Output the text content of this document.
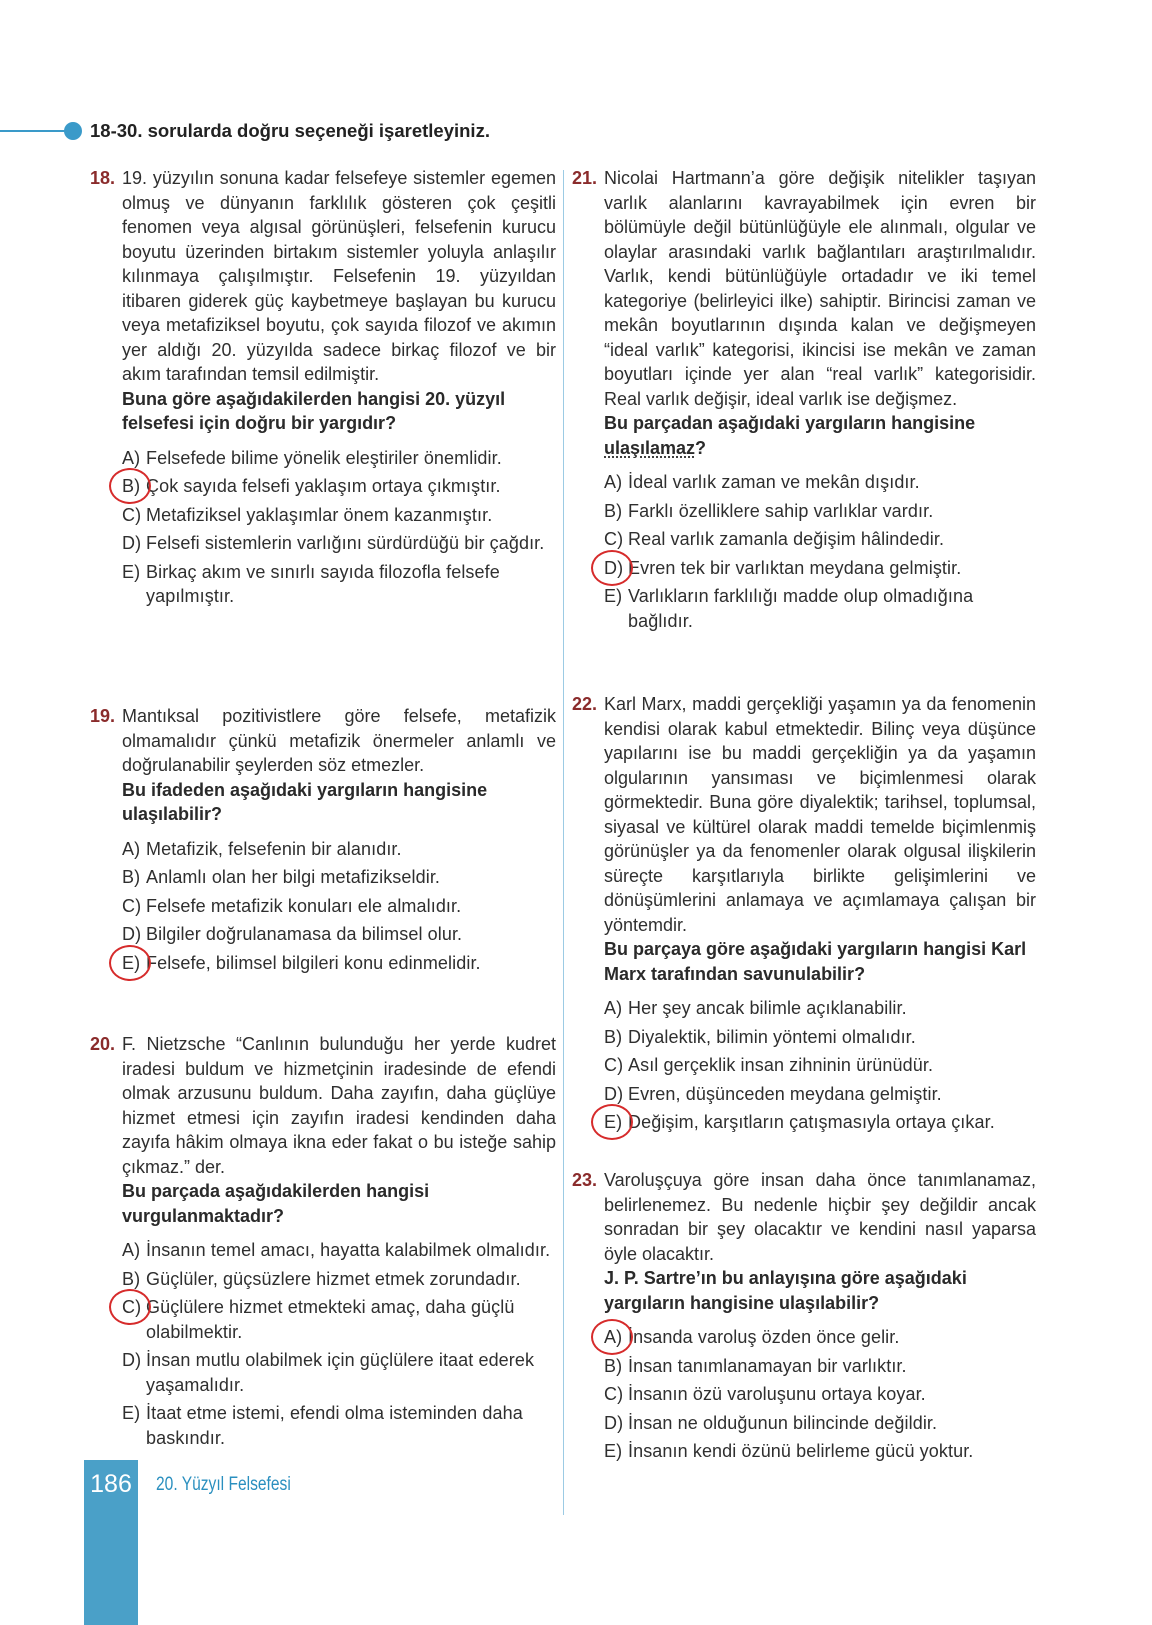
18-30. sorularda doğru seçeneği işaretleyiniz.
18. 19. yüzyılın sonuna kadar felsefeye sistemler egemen olmuş ve dünyanın farklılık gösteren çok çeşitli fenomen veya algısal görünüşleri, felsefenin kurucu boyutu üzerinden birtakım sistemler yoluyla anlaşılır kılınmaya çalışılmıştır. Felsefenin 19. yüzyıldan itibaren giderek güç kaybetmeye başlayan bu kurucu veya metafiziksel boyutu, çok sayıda filozof ve akımın yer aldığı 20. yüzyılda sadece birkaç filozof ve bir akım tarafından temsil edilmiştir.
Buna göre aşağıdakilerden hangisi 20. yüzyıl felsefesi için doğru bir yargıdır?
A) Felsefede bilime yönelik eleştiriler önemlidir.
B) Çok sayıda felsefi yaklaşım ortaya çıkmıştır.
C) Metafiziksel yaklaşımlar önem kazanmıştır.
D) Felsefi sistemlerin varlığını sürdürdüğü bir çağdır.
E) Birkaç akım ve sınırlı sayıda filozofla felsefe yapılmıştır.
19. Mantıksal pozitivistlere göre felsefe, metafizik olmamalıdır çünkü metafizik önermeler anlamlı ve doğrulanabilir şeylerden söz etmezler.
Bu ifadeden aşağıdaki yargıların hangisine ulaşılabilir?
A) Metafizik, felsefenin bir alanıdır.
B) Anlamlı olan her bilgi metafizikseldir.
C) Felsefe metafizik konuları ele almalıdır.
D) Bilgiler doğrulanamasa da bilimsel olur.
E) Felsefe, bilimsel bilgileri konu edinmelidir.
20. F. Nietzsche “Canlının bulunduğu her yerde kudret iradesi buldum ve hizmetçinin iradesinde de efendi olmak arzusunu buldum. Daha zayıfın, daha güçlüye hizmet etmesi için zayıfın iradesi kendinden daha zayıfa hâkim olmaya ikna eder fakat o bu isteğe sahip çıkmaz.” der.
Bu parçada aşağıdakilerden hangisi vurgulanmaktadır?
A) İnsanın temel amacı, hayatta kalabilmek olmalıdır.
B) Güçlüler, güçsüzlere hizmet etmek zorundadır.
C) Güçlülere hizmet etmekteki amaç, daha güçlü olabilmektir.
D) İnsan mutlu olabilmek için güçlülere itaat ederek yaşamalıdır.
E) İtaat etme istemi, efendi olma isteminden daha baskındır.
21. Nicolai Hartmann’a göre değişik nitelikler taşıyan varlık alanlarını kavrayabilmek için evren bir bölümüyle değil bütünlüğüyle ele alınmalı, olgular ve olaylar arasındaki varlık bağlantıları araştırılmalıdır. Varlık, kendi bütünlüğüyle ortadadır ve iki temel kategoriye (belirleyici ilke) sahiptir. Birincisi zaman ve mekân boyutlarının dışında kalan ve değişmeyen “ideal varlık” kategorisi, ikincisi ise mekân ve zaman boyutları içinde yer alan “real varlık” kategorisidir. Real varlık değişir, ideal varlık ise değişmez.
Bu parçadan aşağıdaki yargıların hangisine ulaşılamaz?
A) İdeal varlık zaman ve mekân dışıdır.
B) Farklı özelliklere sahip varlıklar vardır.
C) Real varlık zamanla değişim hâlindedir.
D) Evren tek bir varlıktan meydana gelmiştir.
E) Varlıkların farklılığı madde olup olmadığına bağlıdır.
22. Karl Marx, maddi gerçekliği yaşamın ya da fenomenin kendisi olarak kabul etmektedir. Bilinç veya düşünce yapılarını ise bu maddi gerçekliğin ya da yaşamın olgularının yansıması ve biçimlenmesi olarak görmektedir. Buna göre diyalektik; tarihsel, toplumsal, siyasal ve kültürel olarak maddi temelde biçimlenmiş görünüşler ya da fenomenler olarak olgusal ilişkilerin süreçte karşıtlarıyla birlikte gelişimlerini ve dönüşümlerini anlamaya ve açımlamaya çalışan bir yöntemdir.
Bu parçaya göre aşağıdaki yargıların hangisi Karl Marx tarafından savunulabilir?
A) Her şey ancak bilimle açıklanabilir.
B) Diyalektik, bilimin yöntemi olmalıdır.
C) Asıl gerçeklik insan zihninin ürünüdür.
D) Evren, düşünceden meydana gelmiştir.
E) Değişim, karşıtların çatışmasıyla ortaya çıkar.
23. Varoluşçuya göre insan daha önce tanımlanamaz, belirlenemez. Bu nedenle hiçbir şey değildir ancak sonradan bir şey olacaktır ve kendini nasıl yaparsa öyle olacaktır.
J. P. Sartre’ın bu anlayışına göre aşağıdaki yargıların hangisine ulaşılabilir?
A) İnsanda varoluş özden önce gelir.
B) İnsan tanımlanamayan bir varlıktır.
C) İnsanın özü varoluşunu ortaya koyar.
D) İnsan ne olduğunun bilincinde değildir.
E) İnsanın kendi özünü belirleme gücü yoktur.
186	20. Yüzyıl Felsefesi
